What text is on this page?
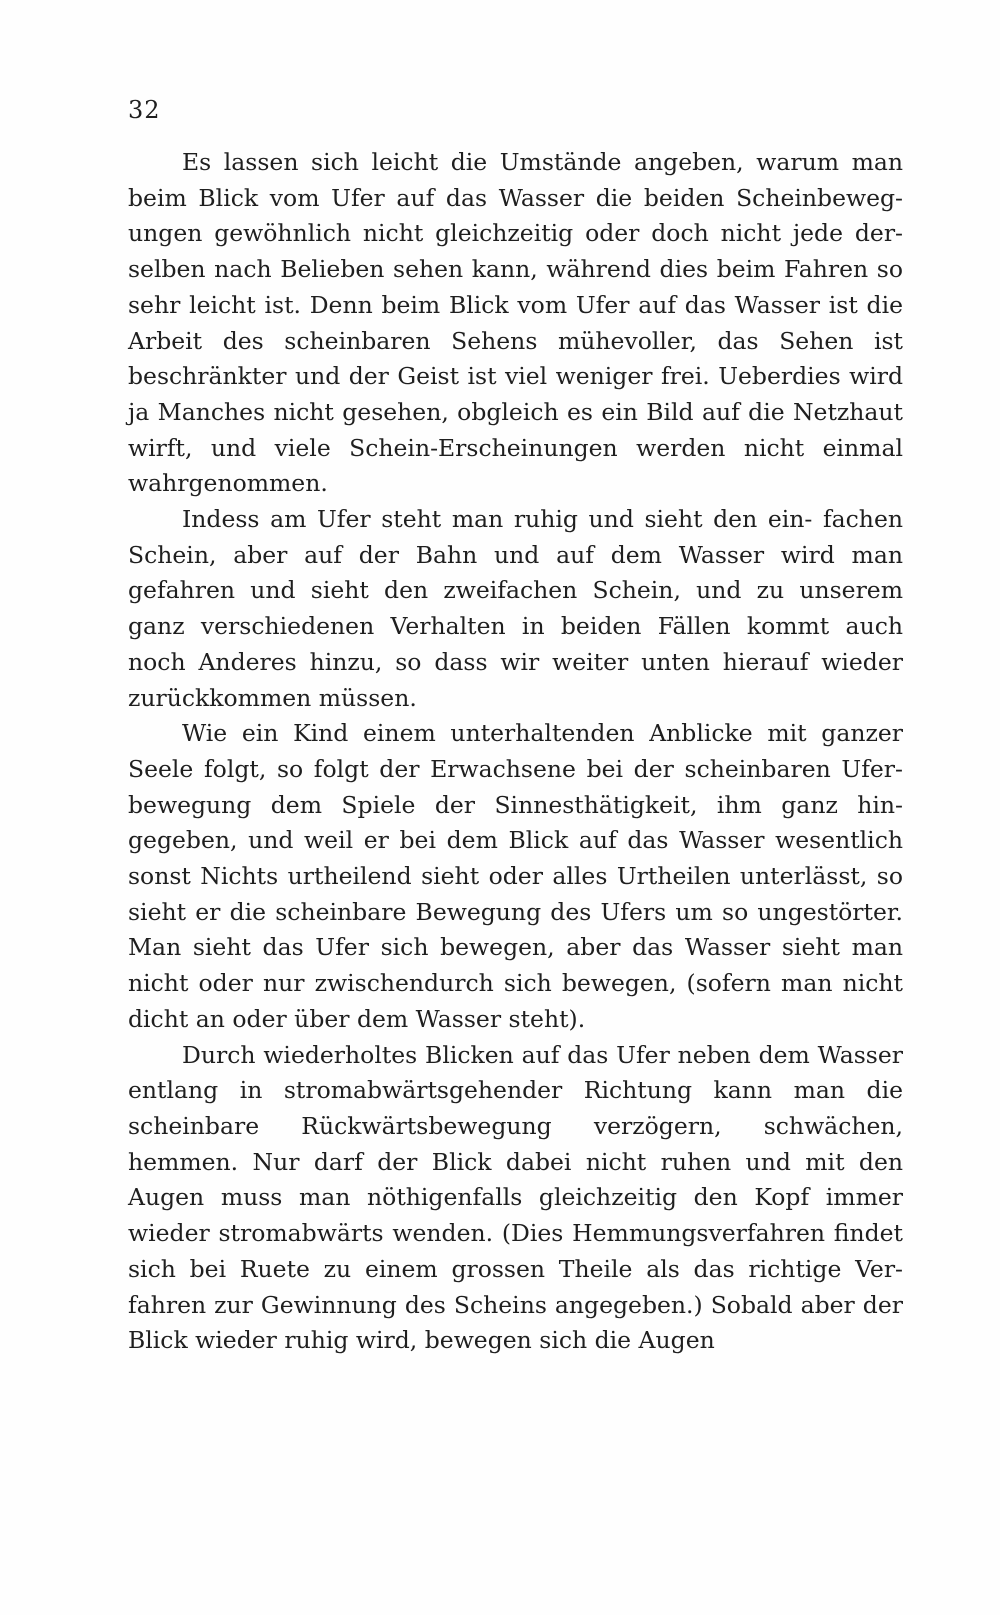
32

Es lassen sich leicht die Umstände angeben, warum man beim Blick vom Ufer auf das Wasser die beiden Scheinbeweg- ungen gewöhnlich nicht gleichzeitig oder doch nicht jede der- selben nach Belieben sehen kann, während dies beim Fahren so sehr leicht ist. Denn beim Blick vom Ufer auf das Wasser ist die Arbeit des scheinbaren Sehens mühevoller, das Sehen ist beschränkter und der Geist ist viel weniger frei. Ueberdies wird ja Manches nicht gesehen, obgleich es ein Bild auf die Netzhaut wirft, und viele Schein-Erscheinungen werden nicht einmal wahrgenommen.

Indess am Ufer steht man ruhig und sieht den ein- fachen Schein, aber auf der Bahn und auf dem Wasser wird man gefahren und sieht den zweifachen Schein, und zu unserem ganz verschiedenen Verhalten in beiden Fällen kommt auch noch Anderes hinzu, so dass wir weiter unten hierauf wieder zurückkommen müssen.

Wie ein Kind einem unterhaltenden Anblicke mit ganzer Seele folgt, so folgt der Erwachsene bei der scheinbaren Ufer- bewegung dem Spiele der Sinnesthätigkeit, ihm ganz hin- gegeben, und weil er bei dem Blick auf das Wasser wesentlich sonst Nichts urtheilend sieht oder alles Urtheilen unterlässt, so sieht er die scheinbare Bewegung des Ufers um so ungestörter. Man sieht das Ufer sich bewegen, aber das Wasser sieht man nicht oder nur zwischendurch sich bewegen, (sofern man nicht dicht an oder über dem Wasser steht).

Durch wiederholtes Blicken auf das Ufer neben dem Wasser entlang in stromabwärtsgehender Richtung kann man die scheinbare Rückwärtsbewegung verzögern, schwächen, hemmen. Nur darf der Blick dabei nicht ruhen und mit den Augen muss man nöthigenfalls gleichzeitig den Kopf immer wieder stromabwärts wenden. (Dies Hemmungsverfahren findet sich bei Ruete zu einem grossen Theile als das richtige Ver- fahren zur Gewinnung des Scheins angegeben.) Sobald aber der Blick wieder ruhig wird, bewegen sich die Augen
